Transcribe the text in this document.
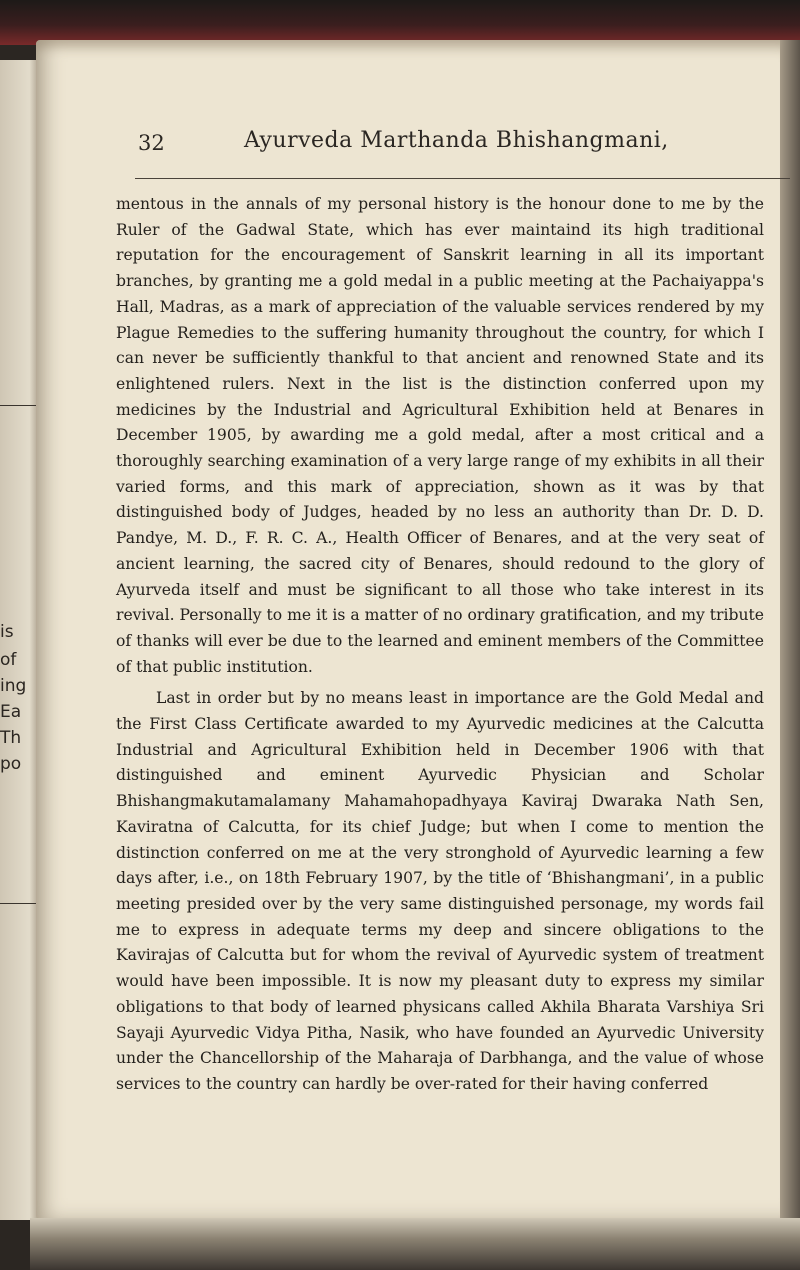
is
of
ing
Ea
Th
po
32	Ayurveda Marthanda Bhishangmani,

mentous in the annals of my personal history is the honour done to me by the Ruler of the Gadwal State, which has ever maintaind its high traditional reputation for the encouragement of Sanskrit learning in all its important branches, by granting me a gold medal in a public meeting at the Pachaiyappa's Hall, Madras, as a mark of appreciation of the valuable services rendered by my Plague Remedies to the suffering humanity throughout the country, for which I can never be sufficiently thankful to that ancient and renowned State and its enlightened rulers. Next in the list is the distinction conferred upon my medicines by the Industrial and Agricultural Exhibition held at Benares in December 1905, by awarding me a gold medal, after a most critical and a thoroughly searching examination of a very large range of my exhibits in all their varied forms, and this mark of appreciation, shown as it was by that distinguished body of Judges, headed by no less an authority than Dr. D. D. Pandye, M. D., F. R. C. A., Health Officer of Benares, and at the very seat of ancient learning, the sacred city of Benares, should redound to the glory of Ayurveda itself and must be significant to all those who take interest in its revival. Personally to me it is a matter of no ordinary gratification, and my tribute of thanks will ever be due to the learned and eminent members of the Committee of that public institution.

Last in order but by no means least in importance are the Gold Medal and the First Class Certificate awarded to my Ayurvedic medicines at the Calcutta Industrial and Agricultural Exhibition held in December 1906 with that distinguished and eminent Ayurvedic Physician and Scholar Bhishangmakutamalamany Mahamahopadhyaya Kaviraj Dwaraka Nath Sen, Kaviratna of Calcutta, for its chief Judge; but when I come to mention the distinction conferred on me at the very stronghold of Ayurvedic learning a few days after, i.e., on 18th February 1907, by the title of ‘Bhishangmani’, in a public meeting presided over by the very same distinguished personage, my words fail me to express in adequate terms my deep and sincere obligations to the Kavirajas of Calcutta but for whom the revival of Ayurvedic system of treatment would have been impossible. It is now my pleasant duty to express my similar obligations to that body of learned physicans called Akhila Bharata Varshiya Sri Sayaji Ayurvedic Vidya Pitha, Nasik, who have founded an Ayurvedic University under the Chancellorship of the Maharaja of Darbhanga, and the value of whose services to the country can hardly be over-rated for their having conferred
